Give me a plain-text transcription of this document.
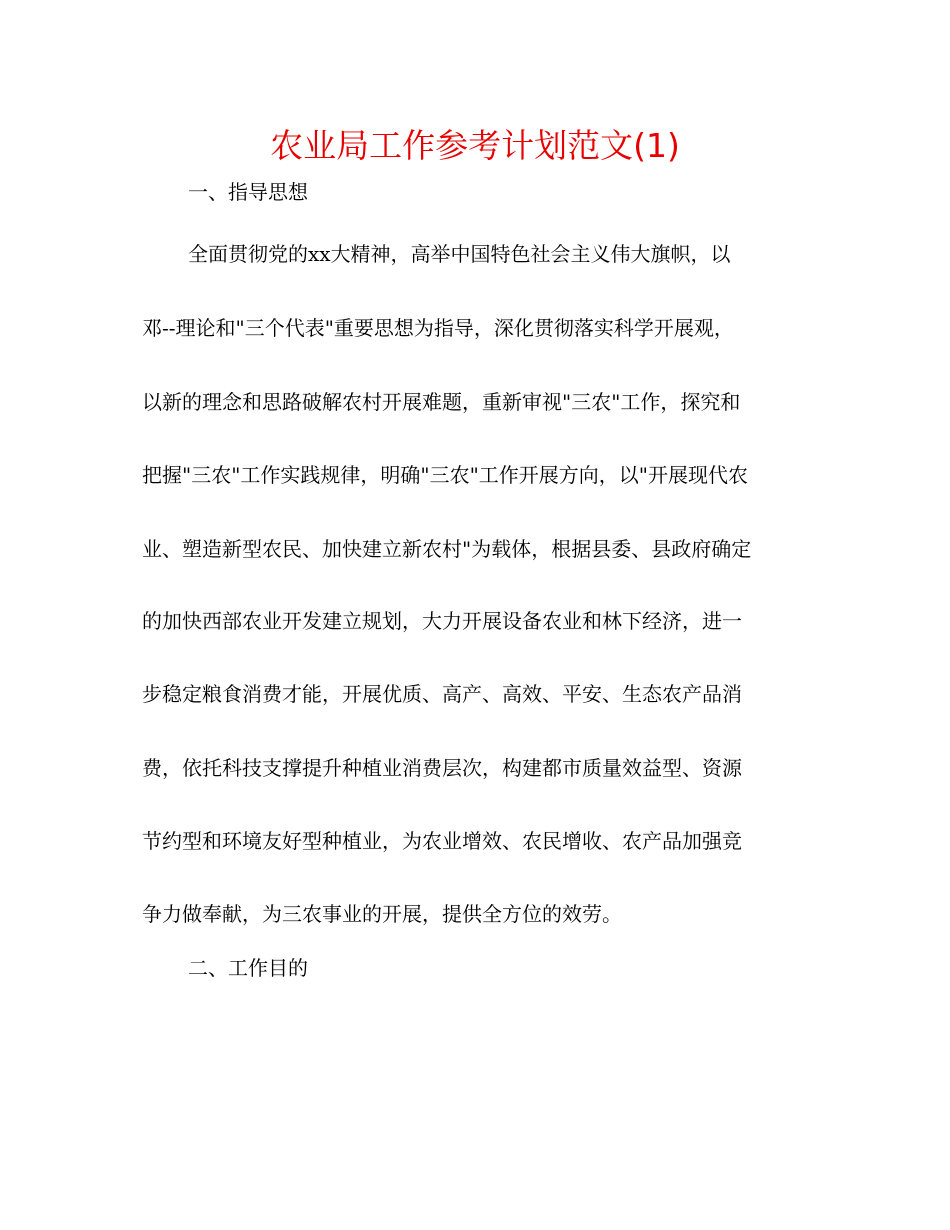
农业局工作参考计划范文(1)

一、指导思想

全面贯彻党的xx大精神，高举中国特色社会主义伟大旗帜，以

邓--理论和"三个代表"重要思想为指导，深化贯彻落实科学开展观，

以新的理念和思路破解农村开展难题，重新审视"三农"工作，探究和

把握"三农"工作实践规律，明确"三农"工作开展方向，以"开展现代农

业、塑造新型农民、加快建立新农村"为载体，根据县委、县政府确定

的加快西部农业开发建立规划，大力开展设备农业和林下经济，进一

步稳定粮食消费才能，开展优质、高产、高效、平安、生态农产品消

费，依托科技支撑提升种植业消费层次，构建都市质量效益型、资源

节约型和环境友好型种植业，为农业增效、农民增收、农产品加强竞

争力做奉献，为三农事业的开展，提供全方位的效劳。

二、工作目的
